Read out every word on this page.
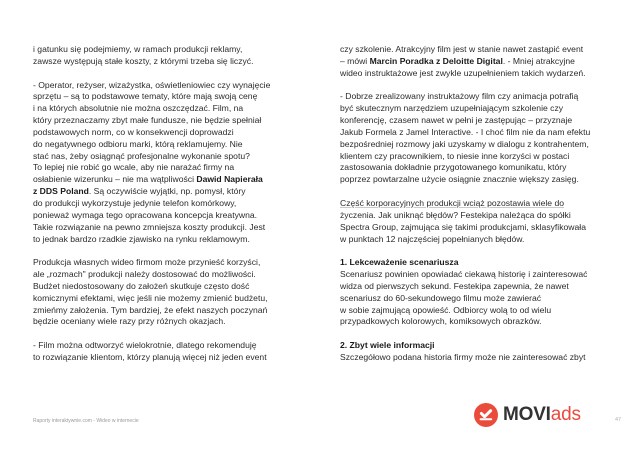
i gatunku się podejmiemy, w ramach produkcji reklamy,
zawsze występują stałe koszty, z którymi trzeba się liczyć.

- Operator, reżyser, wizażystka, oświetleniowiec czy wynajęcie
sprzętu – są to podstawowe tematy, które mają swoją cenę
i na których absolutnie nie można oszczędzać. Film, na
który przeznaczamy zbyt małe fundusze, nie będzie spełniał
podstawowych norm, co w konsekwencji doprowadzi
do negatywnego odbioru marki, którą reklamujemy. Nie
stać nas, żeby osiągnąć profesjonalne wykonanie spotu?
To lepiej nie robić go wcale, aby nie narażać firmy na
osłabienie wizerunku – nie ma wątpliwości Dawid Napierała
z DDS Poland. Są oczywiście wyjątki, np. pomysł, który
do produkcji wykorzystuje jedynie telefon komórkowy,
ponieważ wymaga tego opracowana koncepcja kreatywna.
Takie rozwiązanie na pewno zmniejsza koszty produkcji. Jest
to jednak bardzo rzadkie zjawisko na rynku reklamowym.

Produkcja własnych wideo firmom może przynieść korzyści,
ale „rozmach" produkcji należy dostosować do możliwości.
Budżet niedostosowany do założeń skutkuje często dość
komicznymi efektami, więc jeśli nie możemy zmienić budżetu,
zmieńmy założenia. Tym bardziej, że efekt naszych poczynań
będzie oceniany wiele razy przy różnych okazjach.

- Film można odtworzyć wielokrotnie, dlatego rekomenduję
to rozwiązanie klientom, którzy planują więcej niż jeden event

czy szkolenie. Atrakcyjny film jest w stanie nawet zastąpić event
– mówi Marcin Poradka z Deloitte Digital. - Mniej atrakcyjne
wideo instruktażowe jest zwykle uzupełnieniem takich wydarzeń.

- Dobrze zrealizowany instruktażowy film czy animacja potrafią
być skutecznym narzędziem uzupełniającym szkolenie czy
konferencję, czasem nawet w pełni je zastępując – przyznaje
Jakub Formela z Jamel Interactive. - I choć film nie da nam efektu
bezpośredniej rozmowy jaki uzyskamy w dialogu z kontrahentem,
klientem czy pracownikiem, to niesie inne korzyści w postaci
zastosowania dokładnie przygotowanego komunikatu, który
poprzez powtarzalne użycie osiągnie znacznie większy zasięg.

Część korporacyjnych produkcji wciąż pozostawia wiele do
życzenia. Jak uniknąć błędów? Festekipa należąca do spółki
Spectra Group, zajmująca się takimi produkcjami, sklasyfikowała
w punktach 12 najczęściej popełnianych błędów.

1. Lekceważenie scenariusza
Scenariusz powinien opowiadać ciekawą historię i zainteresować
widza od pierwszych sekund. Festekipa zapewnia, że nawet
scenariusz do 60-sekundowego filmu może zawierać
w sobie zajmującą opowieść. Odbiorcy wolą to od wielu
przypadkowych kolorowych, komiksowych obrazków.

2. Zbyt wiele informacji
Szczegółowo podana historia firmy może nie zainteresować zbyt

Raporty interaktywnie.com - Wideo w internecie	MOVIads	47
